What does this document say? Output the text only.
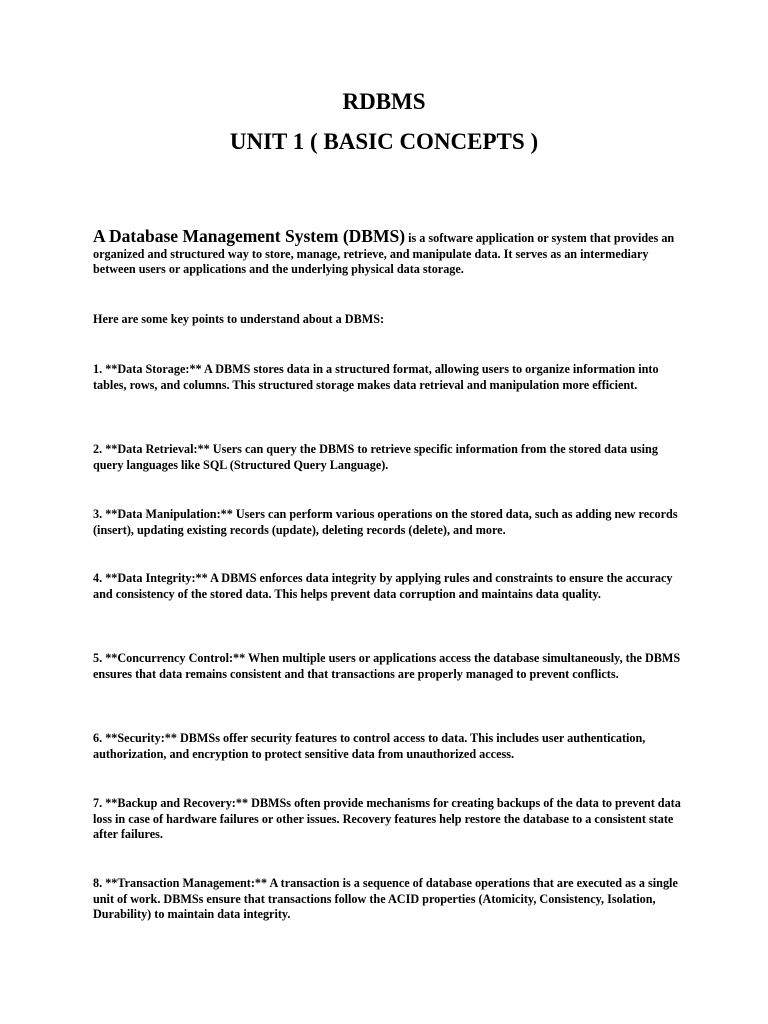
RDBMS
UNIT 1 ( BASIC CONCEPTS )

A Database Management System (DBMS) is a software application or system that provides an organized and structured way to store, manage, retrieve, and manipulate data. It serves as an intermediary between users or applications and the underlying physical data storage.

Here are some key points to understand about a DBMS:

1. **Data Storage:** A DBMS stores data in a structured format, allowing users to organize information into tables, rows, and columns. This structured storage makes data retrieval and manipulation more efficient.

2. **Data Retrieval:** Users can query the DBMS to retrieve specific information from the stored data using query languages like SQL (Structured Query Language).

3. **Data Manipulation:** Users can perform various operations on the stored data, such as adding new records (insert), updating existing records (update), deleting records (delete), and more.

4. **Data Integrity:** A DBMS enforces data integrity by applying rules and constraints to ensure the accuracy and consistency of the stored data. This helps prevent data corruption and maintains data quality.

5. **Concurrency Control:** When multiple users or applications access the database simultaneously, the DBMS ensures that data remains consistent and that transactions are properly managed to prevent conflicts.

6. **Security:** DBMSs offer security features to control access to data. This includes user authentication, authorization, and encryption to protect sensitive data from unauthorized access.

7. **Backup and Recovery:** DBMSs often provide mechanisms for creating backups of the data to prevent data loss in case of hardware failures or other issues. Recovery features help restore the database to a consistent state after failures.

8. **Transaction Management:** A transaction is a sequence of database operations that are executed as a single unit of work. DBMSs ensure that transactions follow the ACID properties (Atomicity, Consistency, Isolation, Durability) to maintain data integrity.
